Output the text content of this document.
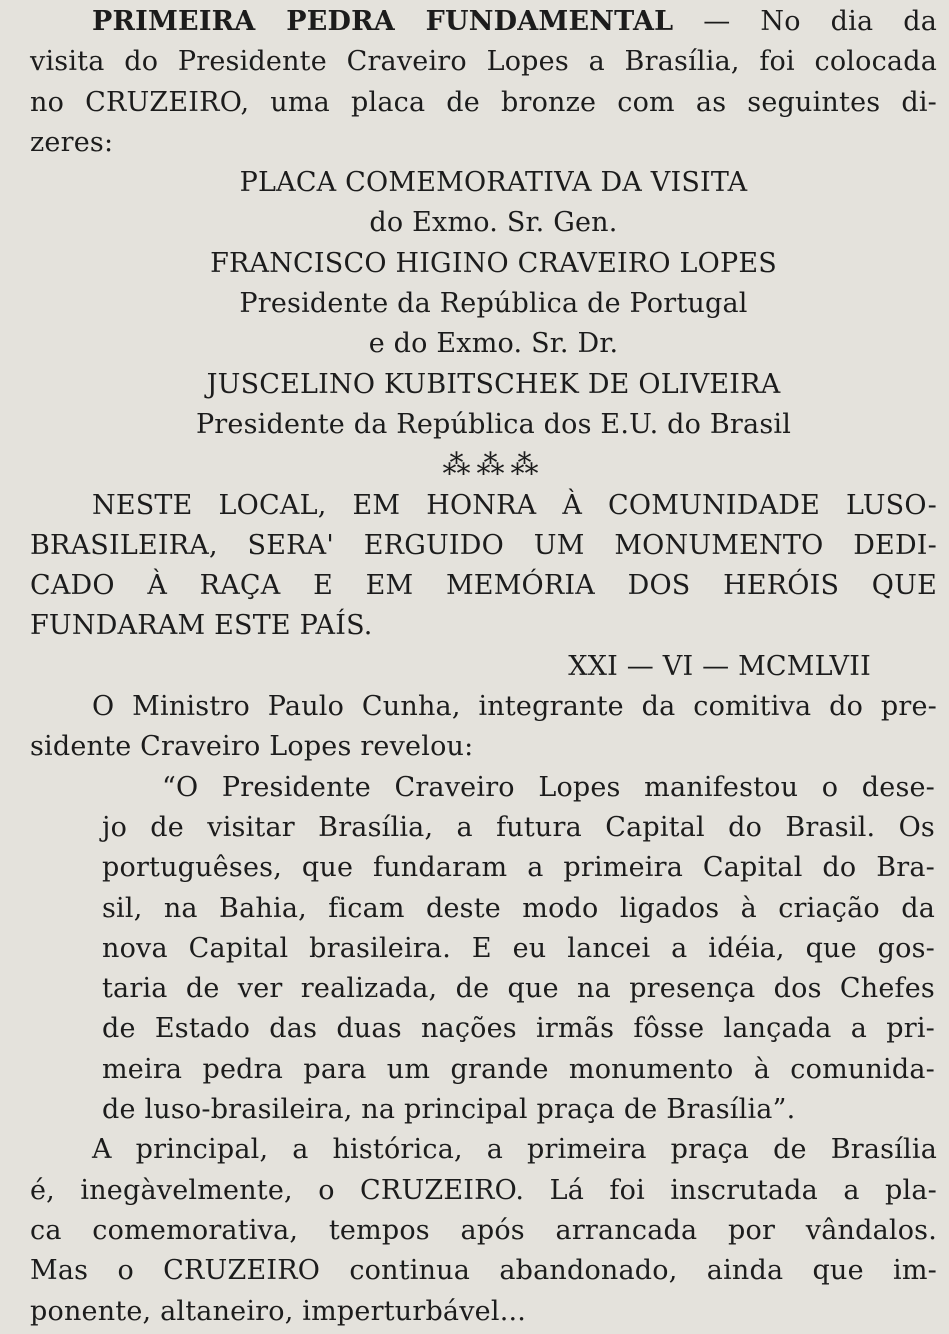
PRIMEIRA PEDRA FUNDAMENTAL — No dia da
visita do Presidente Craveiro Lopes a Brasília, foi colocada
no CRUZEIRO, uma placa de bronze com as seguintes di-
zeres:
PLACA COMEMORATIVA DA VISITA
do Exmo. Sr. Gen.
FRANCISCO HIGINO CRAVEIRO LOPES
Presidente da República de Portugal
e do Exmo. Sr. Dr.
JUSCELINO KUBITSCHEK DE OLIVEIRA
Presidente da República dos E.U. do Brasil
⁂⁂⁂
NESTE LOCAL, EM HONRA À COMUNIDADE LUSO-
BRASILEIRA, SERA' ERGUIDO UM MONUMENTO DEDI-
CADO À RAÇA E EM MEMÓRIA DOS HERÓIS QUE
FUNDARAM ESTE PAÍS.
XXI — VI — MCMLVII
O Ministro Paulo Cunha, integrante da comitiva do pre-
sidente Craveiro Lopes revelou:
“O Presidente Craveiro Lopes manifestou o dese-
jo de visitar Brasília, a futura Capital do Brasil. Os
portuguêses, que fundaram a primeira Capital do Bra-
sil, na Bahia, ficam deste modo ligados à criação da
nova Capital brasileira. E eu lancei a idéia, que gos-
taria de ver realizada, de que na presença dos Chefes
de Estado das duas nações irmãs fôsse lançada a pri-
meira pedra para um grande monumento à comunida-
de luso-brasileira, na principal praça de Brasília”.
A principal, a histórica, a primeira praça de Brasília
é, inegàvelmente, o CRUZEIRO. Lá foi inscrutada a pla-
ca comemorativa, tempos após arrancada por vândalos.
Mas o CRUZEIRO continua abandonado, ainda que im-
ponente, altaneiro, imperturbável...
